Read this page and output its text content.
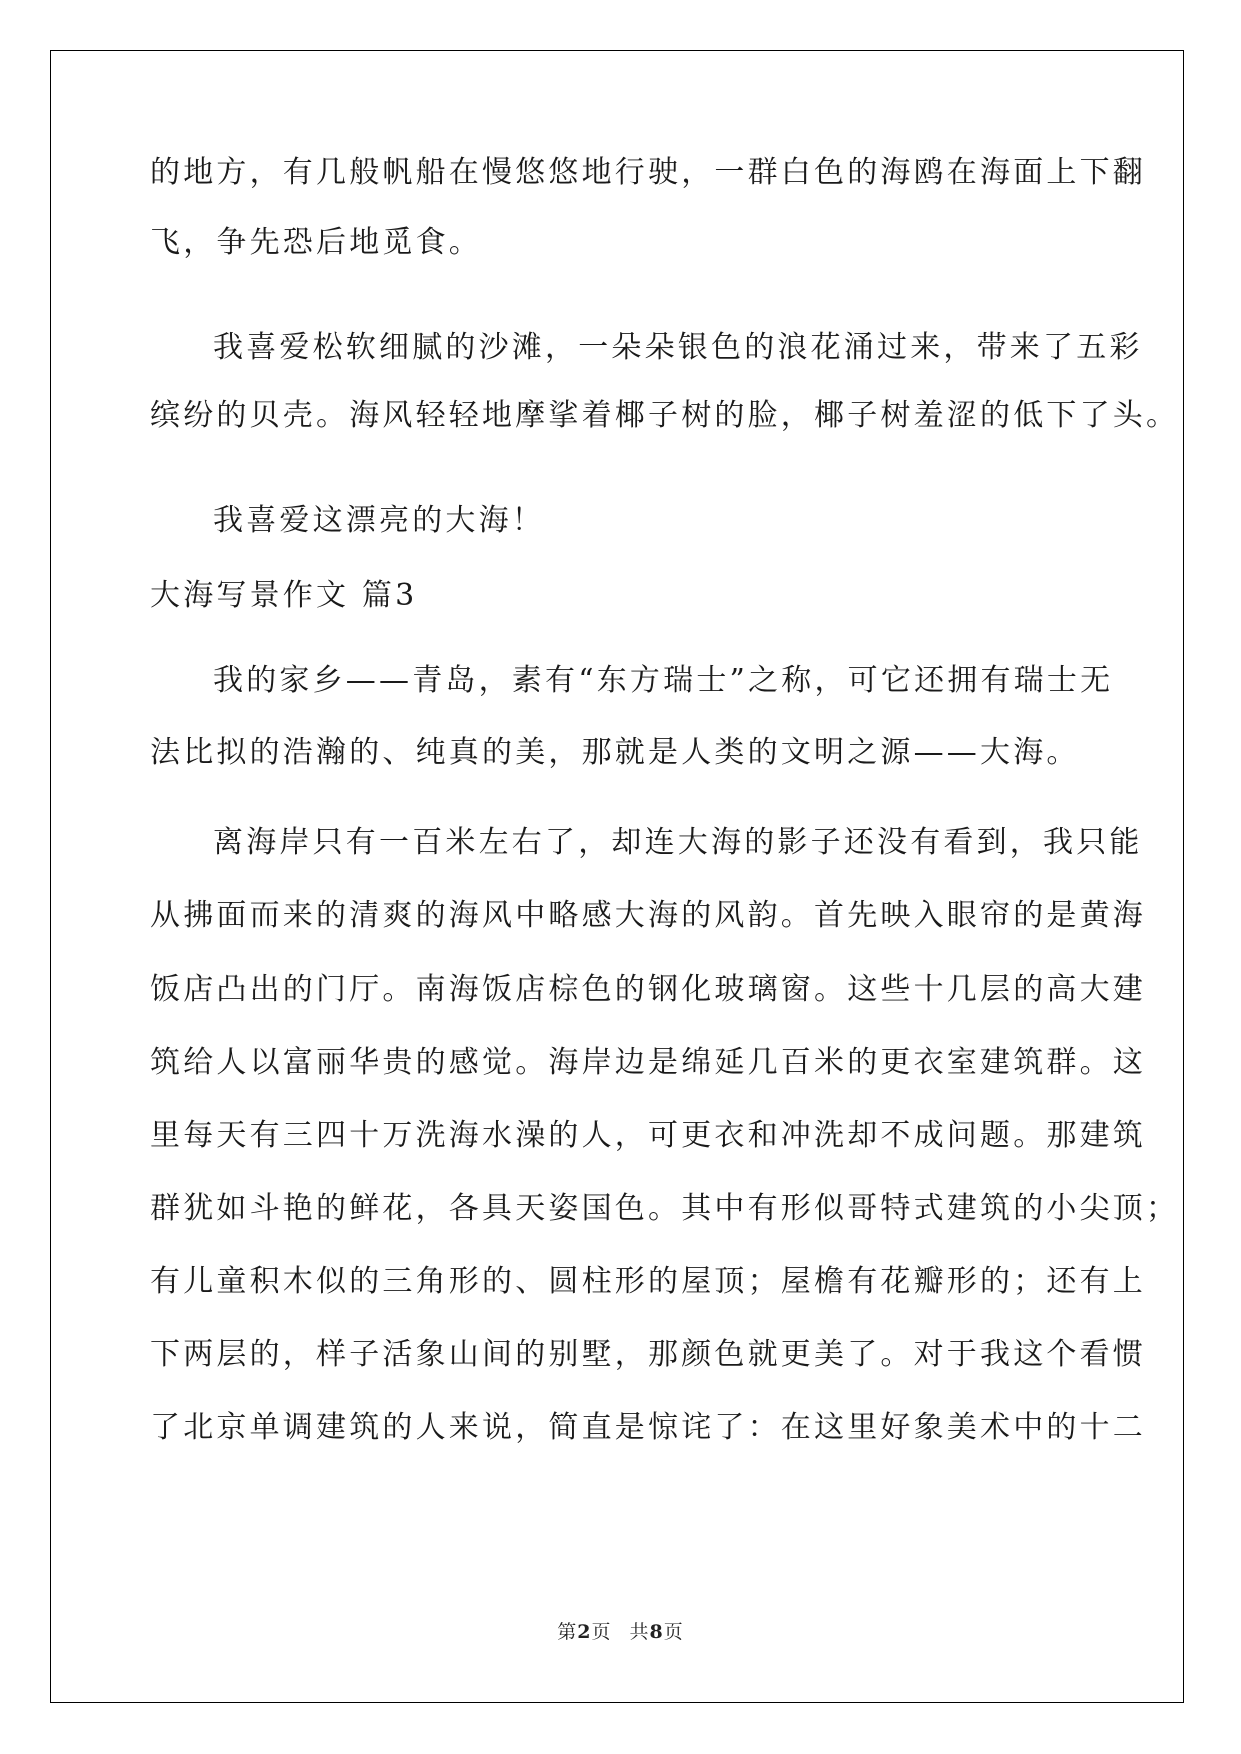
的地方，有几般帆船在慢悠悠地行驶，一群白色的海鸥在海面上下翻
飞，争先恐后地觅食。
我喜爱松软细腻的沙滩，一朵朵银色的浪花涌过来，带来了五彩
缤纷的贝壳。海风轻轻地摩挲着椰子树的脸，椰子树羞涩的低下了头。
我喜爱这漂亮的大海！
大海写景作文 篇3
我的家乡——青岛，素有“东方瑞士”之称，可它还拥有瑞士无
法比拟的浩瀚的、纯真的美，那就是人类的文明之源——大海。
离海岸只有一百米左右了，却连大海的影子还没有看到，我只能
从拂面而来的清爽的海风中略感大海的风韵。首先映入眼帘的是黄海
饭店凸出的门厅。南海饭店棕色的钢化玻璃窗。这些十几层的高大建
筑给人以富丽华贵的感觉。海岸边是绵延几百米的更衣室建筑群。这
里每天有三四十万洗海水澡的人，可更衣和冲洗却不成问题。那建筑
群犹如斗艳的鲜花，各具天姿国色。其中有形似哥特式建筑的小尖顶；
有儿童积木似的三角形的、圆柱形的屋顶；屋檐有花瓣形的；还有上
下两层的，样子活象山间的别墅，那颜色就更美了。对于我这个看惯
了北京单调建筑的人来说，简直是惊诧了：在这里好象美术中的十二
第2页 共8页
